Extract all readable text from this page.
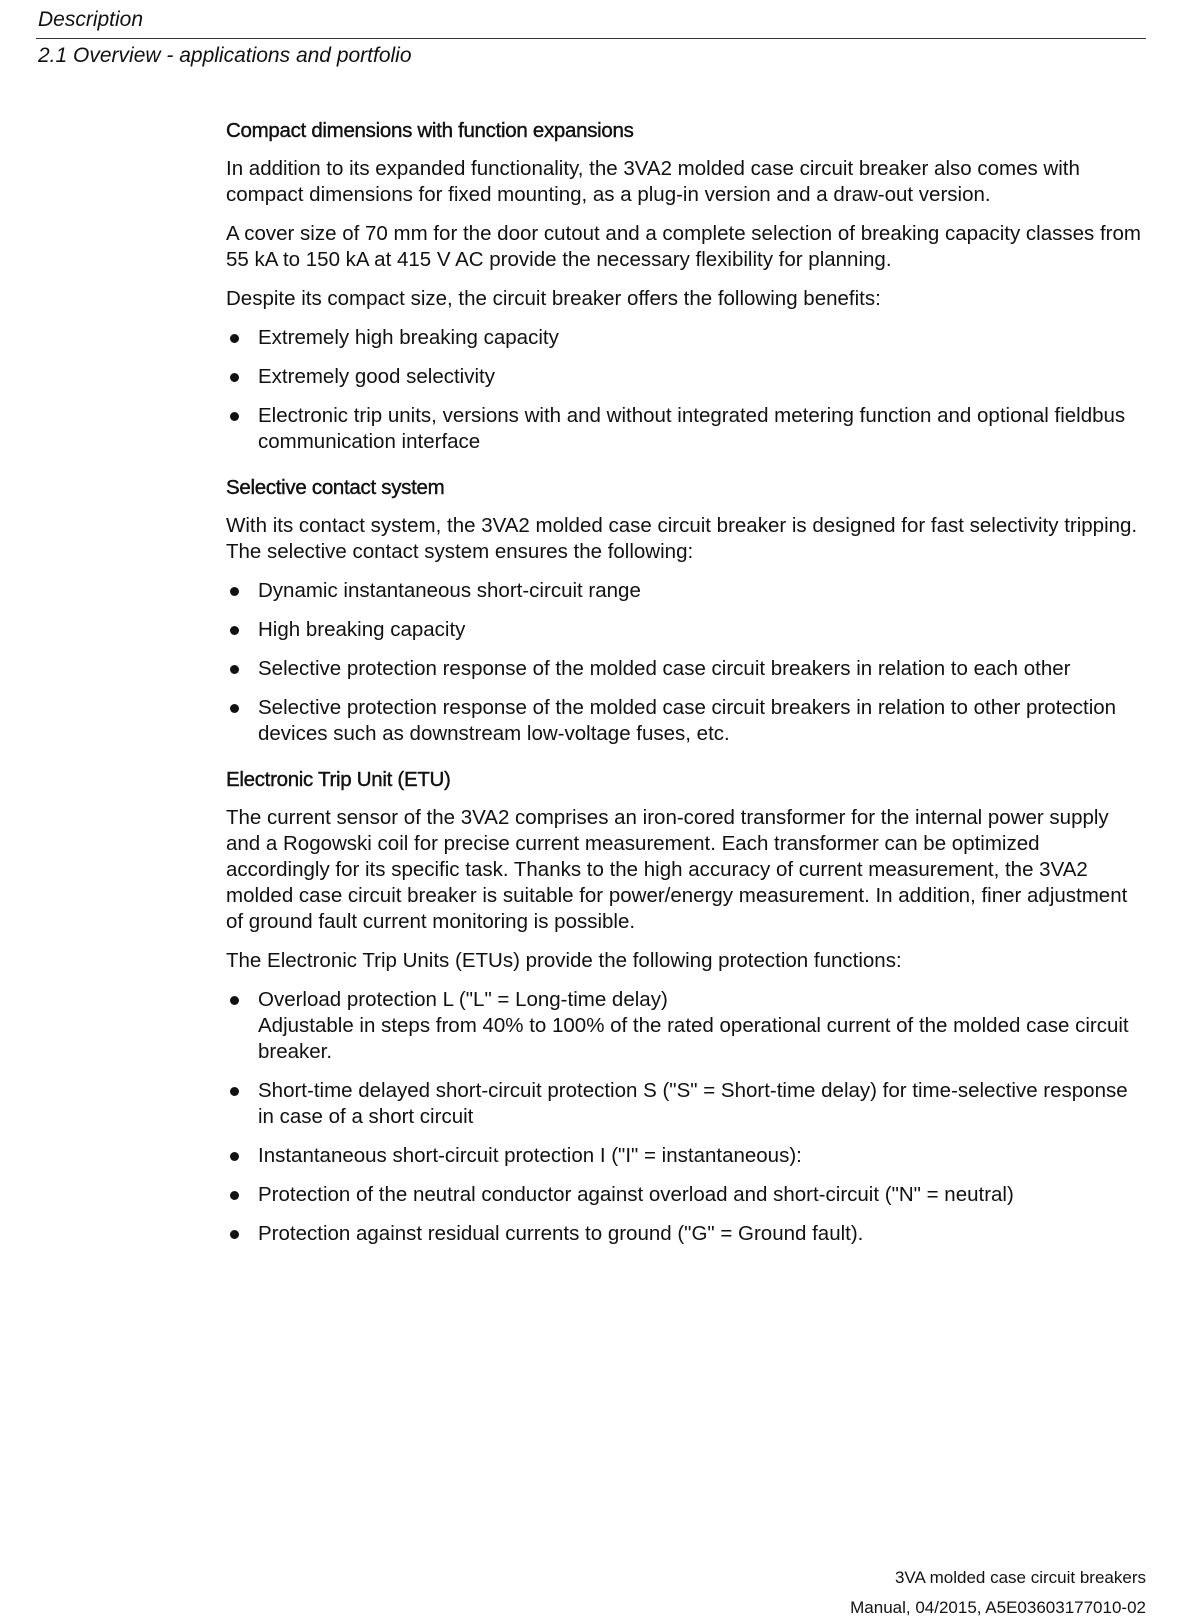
Description
2.1 Overview - applications and portfolio
Compact dimensions with function expansions

In addition to its expanded functionality, the 3VA2 molded case circuit breaker also comes with compact dimensions for fixed mounting, as a plug-in version and a draw-out version.

A cover size of 70 mm for the door cutout and a complete selection of breaking capacity classes from 55 kA to 150 kA at 415 V AC provide the necessary flexibility for planning.

Despite its compact size, the circuit breaker offers the following benefits:

Extremely high breaking capacity
Extremely good selectivity
Electronic trip units, versions with and without integrated metering function and optional fieldbus communication interface
Selective contact system

With its contact system, the 3VA2 molded case circuit breaker is designed for fast selectivity tripping. The selective contact system ensures the following:

Dynamic instantaneous short-circuit range
High breaking capacity
Selective protection response of the molded case circuit breakers in relation to each other
Selective protection response of the molded case circuit breakers in relation to other protection devices such as downstream low-voltage fuses, etc.
Electronic Trip Unit (ETU)

The current sensor of the 3VA2 comprises an iron-cored transformer for the internal power supply and a Rogowski coil for precise current measurement. Each transformer can be optimized accordingly for its specific task. Thanks to the high accuracy of current measurement, the 3VA2 molded case circuit breaker is suitable for power/energy measurement. In addition, finer adjustment of ground fault current monitoring is possible.

The Electronic Trip Units (ETUs) provide the following protection functions:

Overload protection L ("L" = Long-time delay)
Adjustable in steps from 40% to 100% of the rated operational current of the molded case circuit breaker.
Short-time delayed short-circuit protection S ("S" = Short-time delay) for time-selective response in case of a short circuit
Instantaneous short-circuit protection I ("I" = instantaneous):
Protection of the neutral conductor against overload and short-circuit ("N" = neutral)
Protection against residual currents to ground ("G" = Ground fault).
3VA molded case circuit breakers
Manual, 04/2015, A5E03603177010-02
